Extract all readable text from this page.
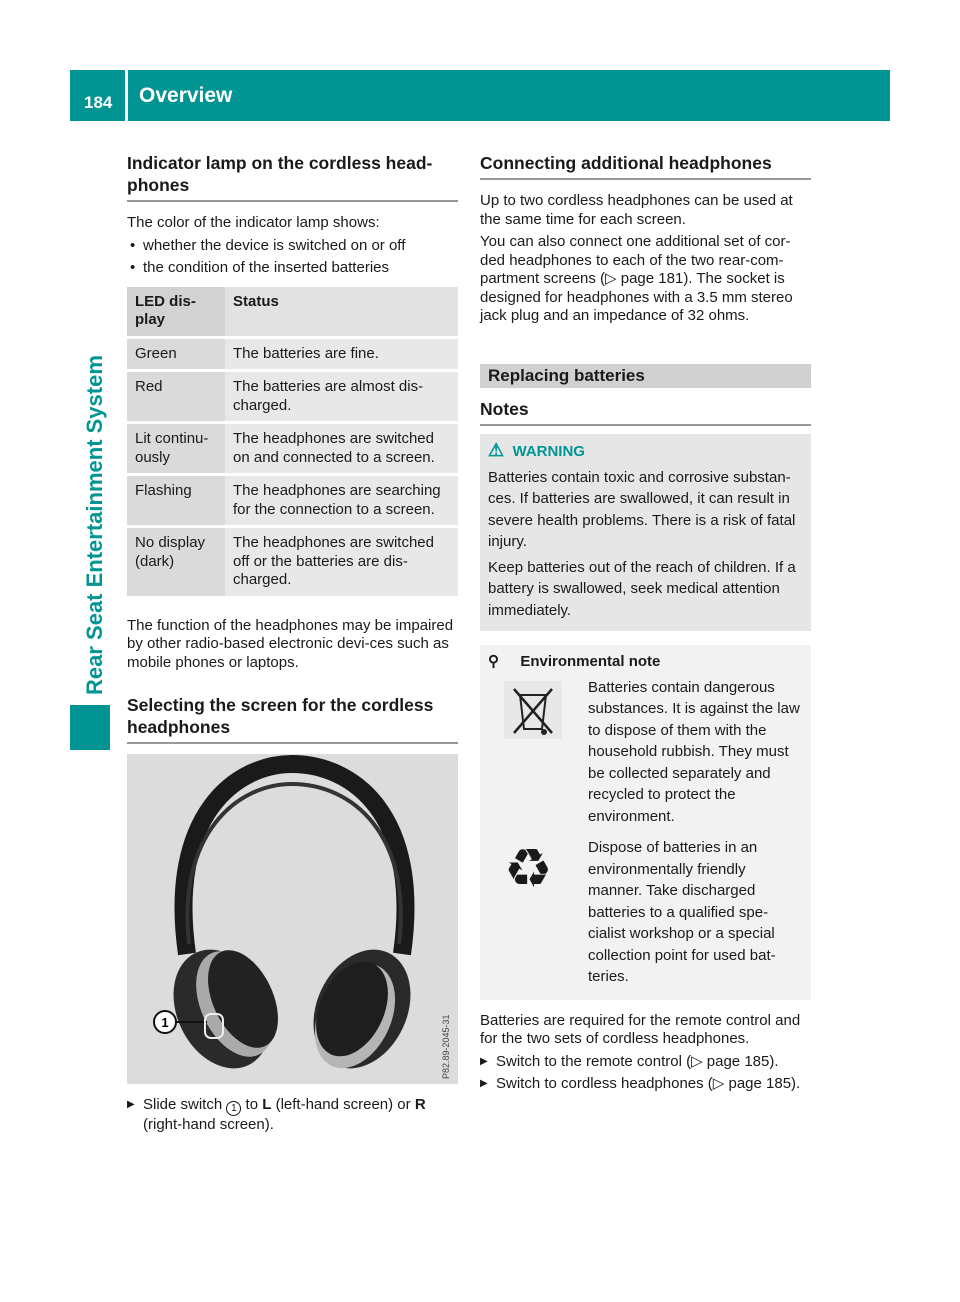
184	Overview
Rear Seat Entertainment System
Indicator lamp on the cordless head-phones

The color of the indicator lamp shows:

• whether the device is switched on or off
• the condition of the inserted batteries
LED dis-play	Status
Green	The batteries are fine.
Red	The batteries are almost dis-charged.
Lit continu-ously	The headphones are switched on and connected to a screen.
Flashing	The headphones are searching for the connection to a screen.
No display (dark)	The headphones are switched off or the batteries are dis-charged.

The function of the headphones may be impaired by other radio-based electronic devi-ces such as mobile phones or laptops.

Selecting the screen for the cordless headphones
1	P82.89-2045-31
▶ Slide switch 1 to L (left-hand screen) or R (right-hand screen).
Connecting additional headphones

Up to two cordless headphones can be used at the same time for each screen.

You can also connect one additional set of cor-ded headphones to each of the two rear-com-partment screens (▷ page 181). The socket is designed for headphones with a 3.5 mm stereo jack plug and an impedance of 32 ohms.

Replacing batteries
Notes
⚠ WARNING

Batteries contain toxic and corrosive substan-ces. If batteries are swallowed, it can result in severe health problems. There is a risk of fatal injury.

Keep batteries out of the reach of children. If a battery is swallowed, seek medical attention immediately.

⚲ Environmental note

Batteries contain dangerous substances. It is against the law to dispose of them with the household rubbish. They must be collected separately and recycled to protect the environment.

♻	Dispose of batteries in an environmentally friendly manner. Take discharged batteries to a qualified spe-cialist workshop or a special collection point for used bat-teries.

Batteries are required for the remote control and for the two sets of cordless headphones.

▶ Switch to the remote control (▷ page 185).
▶ Switch to cordless headphones (▷ page 185).
